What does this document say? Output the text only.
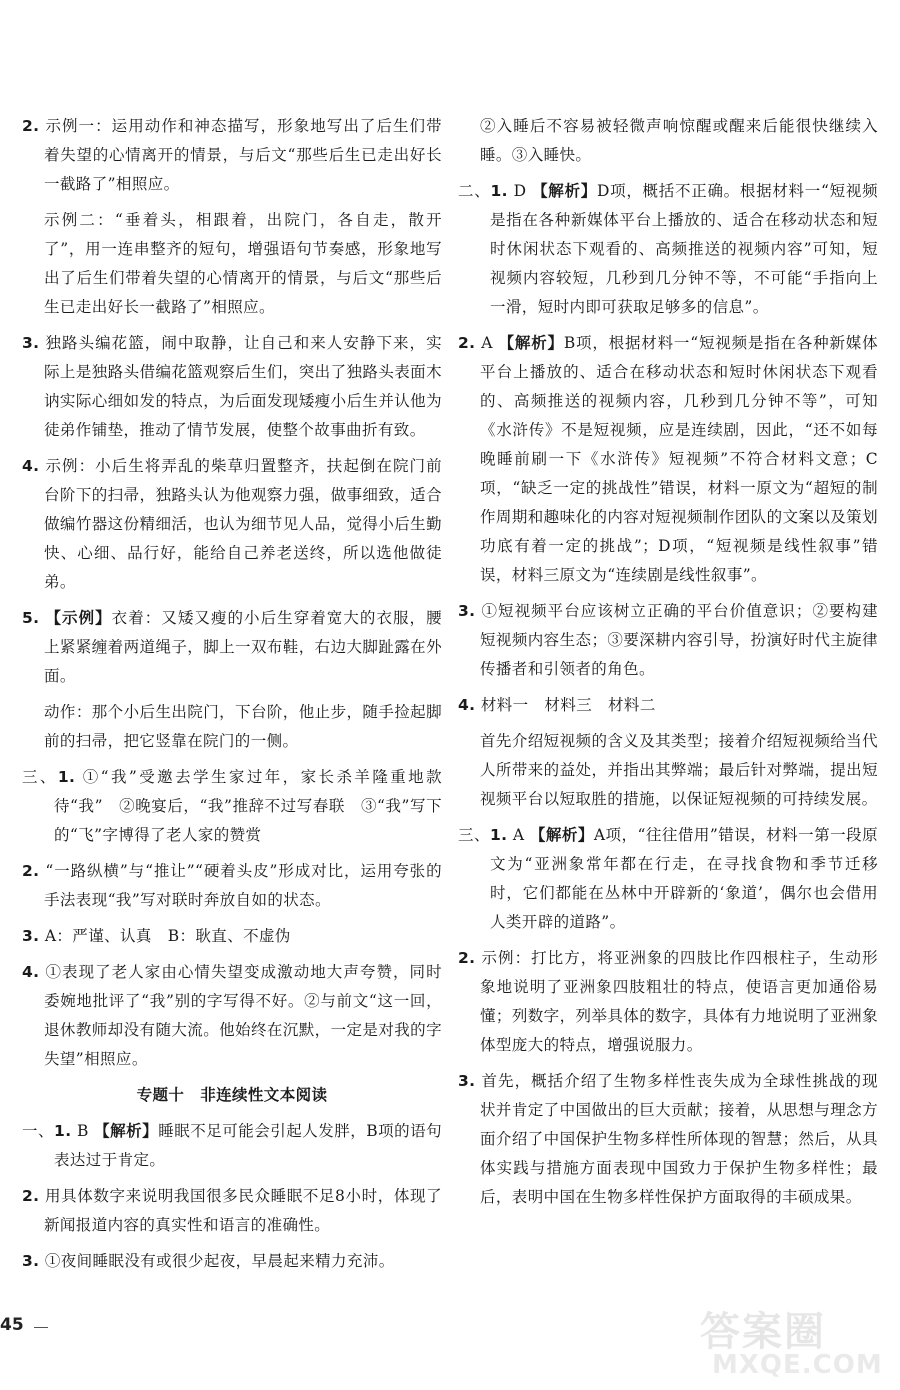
2. 示例一：运用动作和神态描写，形象地写出了后生们带着失望的心情离开的情景，与后文“那些后生已走出好长一截路了”相照应。

示例二：“垂着头，相跟着，出院门，各自走，散开了”，用一连串整齐的短句，增强语句节奏感，形象地写出了后生们带着失望的心情离开的情景，与后文“那些后生已走出好长一截路了”相照应。

3. 独路头编花篮，闹中取静，让自己和来人安静下来，实际上是独路头借编花篮观察后生们，突出了独路头表面木讷实际心细如发的特点，为后面发现矮瘦小后生并认他为徒弟作铺垫，推动了情节发展，使整个故事曲折有致。

4. 示例：小后生将弄乱的柴草归置整齐，扶起倒在院门前台阶下的扫帚，独路头认为他观察力强，做事细致，适合做编竹器这份精细活，也认为细节见人品，觉得小后生勤快、心细、品行好，能给自己养老送终，所以选他做徒弟。

5. 【示例】衣着：又矮又瘦的小后生穿着宽大的衣服，腰上紧紧缠着两道绳子，脚上一双布鞋，右边大脚趾露在外面。

动作：那个小后生出院门，下台阶，他止步，随手捡起脚前的扫帚，把它竖靠在院门的一侧。

三、1. ①“我”受邀去学生家过年，家长杀羊隆重地款待“我”　②晚宴后，“我”推辞不过写春联　③“我”写下的“飞”字博得了老人家的赞赏

2. “一路纵横”与“推让”“硬着头皮”形成对比，运用夸张的手法表现“我”写对联时奔放自如的状态。

3. A：严谨、认真　B：耿直、不虚伪

4. ①表现了老人家由心情失望变成激动地大声夸赞，同时委婉地批评了“我”别的字写得不好。②与前文“这一回，退休教师却没有随大流。他始终在沉默，一定是对我的字失望”相照应。

专题十　非连续性文本阅读

一、1. B 【解析】睡眠不足可能会引起人发胖，B项的语句表达过于肯定。

2. 用具体数字来说明我国很多民众睡眠不足8小时，体现了新闻报道内容的真实性和语言的准确性。

3. ①夜间睡眠没有或很少起夜，早晨起来精力充沛。

②入睡后不容易被轻微声响惊醒或醒来后能很快继续入睡。③入睡快。

二、1. D 【解析】D项，概括不正确。根据材料一“短视频是指在各种新媒体平台上播放的、适合在移动状态和短时休闲状态下观看的、高频推送的视频内容”可知，短视频内容较短，几秒到几分钟不等，不可能“手指向上一滑，短时内即可获取足够多的信息”。

2. A 【解析】B项，根据材料一“短视频是指在各种新媒体平台上播放的、适合在移动状态和短时休闲状态下观看的、高频推送的视频内容，几秒到几分钟不等”，可知《水浒传》不是短视频，应是连续剧，因此，“还不如每晚睡前刷一下《水浒传》短视频”不符合材料文意；C项，“缺乏一定的挑战性”错误，材料一原文为“超短的制作周期和趣味化的内容对短视频制作团队的文案以及策划功底有着一定的挑战”；D项，“短视频是线性叙事”错误，材料三原文为“连续剧是线性叙事”。

3. ①短视频平台应该树立正确的平台价值意识；②要构建短视频内容生态；③要深耕内容引导，扮演好时代主旋律传播者和引领者的角色。

4. 材料一　材料三　材料二

首先介绍短视频的含义及其类型；接着介绍短视频给当代人所带来的益处，并指出其弊端；最后针对弊端，提出短视频平台以短取胜的措施，以保证短视频的可持续发展。

三、1. A 【解析】A项，“往往借用”错误，材料一第一段原文为“亚洲象常年都在行走，在寻找食物和季节迁移时，它们都能在丛林中开辟新的‘象道’，偶尔也会借用人类开辟的道路”。

2. 示例：打比方，将亚洲象的四肢比作四根柱子，生动形象地说明了亚洲象四肢粗壮的特点，使语言更加通俗易懂；列数字，列举具体的数字，具体有力地说明了亚洲象体型庞大的特点，增强说服力。

3. 首先，概括介绍了生物多样性丧失成为全球性挑战的现状并肯定了中国做出的巨大贡献；接着，从思想与理念方面介绍了中国保护生物多样性所体现的智慧；然后，从具体实践与措施方面表现中国致力于保护生物多样性；最后，表明中国在生物多样性保护方面取得的丰硕成果。

45	答案圈
MXQE.COM
